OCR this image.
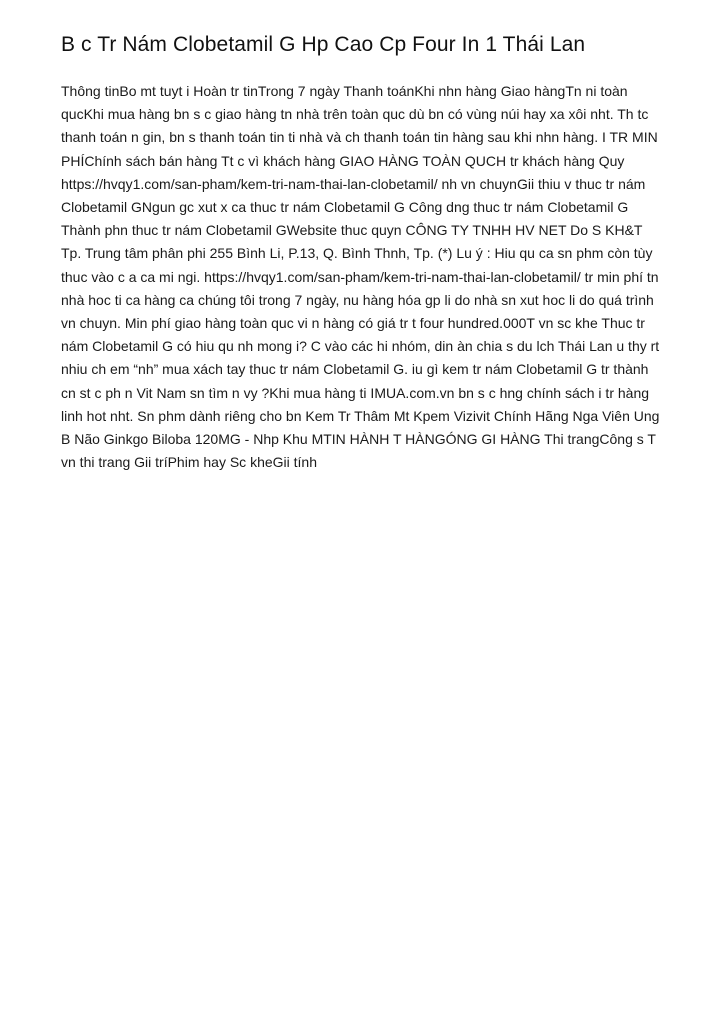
B c Tr Nám Clobetamil G Hp Cao Cp Four In 1 Thái Lan

Thông tinBo mt tuyt i Hoàn tr tinTrong 7 ngày Thanh toánKhi nhn hàng Giao hàngTn ni toàn qucKhi mua hàng bn s c giao hàng tn nhà trên toàn quc dù bn có vùng núi hay xa xôi nht. Th tc thanh toán n gin, bn s thanh toán tin ti nhà và ch thanh toán tin hàng sau khi nhn hàng. I TR MIN PHÍChính sách bán hàng Tt c vì khách hàng GIAO HÀNG TOÀN QUCH tr khách hàng Quy https://hvqy1.com/san-pham/kem-tri-nam-thai-lan-clobetamil/ nh vn chuynGii thiu v thuc tr nám Clobetamil GNgun gc xut x ca thuc tr nám Clobetamil G Công dng thuc tr nám Clobetamil G Thành phn thuc tr nám Clobetamil GWebsite thuc quyn CÔNG TY TNHH HV NET Do S KH&T Tp. Trung tâm phân phi 255 Bình Li, P.13, Q. Bình Thnh, Tp. (*) Lu ý : Hiu qu ca sn phm còn tùy thuc vào c a ca mi ngi. https://hvqy1.com/san-pham/kem-tri-nam-thai-lan-clobetamil/ tr min phí tn nhà hoc ti ca hàng ca chúng tôi trong 7 ngày, nu hàng hóa gp li do nhà sn xut hoc li do quá trình vn chuyn. Min phí giao hàng toàn quc vi n hàng có giá tr t four hundred.000T vn sc khe Thuc tr nám Clobetamil G có hiu qu nh mong i? C vào các hi nhóm, din àn chia s du lch Thái Lan u thy rt nhiu ch em “nh” mua xách tay thuc tr nám Clobetamil G. iu gì kem tr nám Clobetamil G tr thành cn st c ph n Vit Nam sn tìm n vy ?Khi mua hàng ti IMUA.com.vn bn s c hng chính sách i tr hàng linh hot nht. Sn phm dành riêng cho bn Kem Tr Thâm Mt Kpem Vizivit Chính Hãng Nga Viên Ung B Não Ginkgo Biloba 120MG - Nhp Khu MTIN HÀNH T HÀNGÓNG GI HÀNG Thi trangCông s T vn thi trang Gii tríPhim hay Sc kheGii tính
